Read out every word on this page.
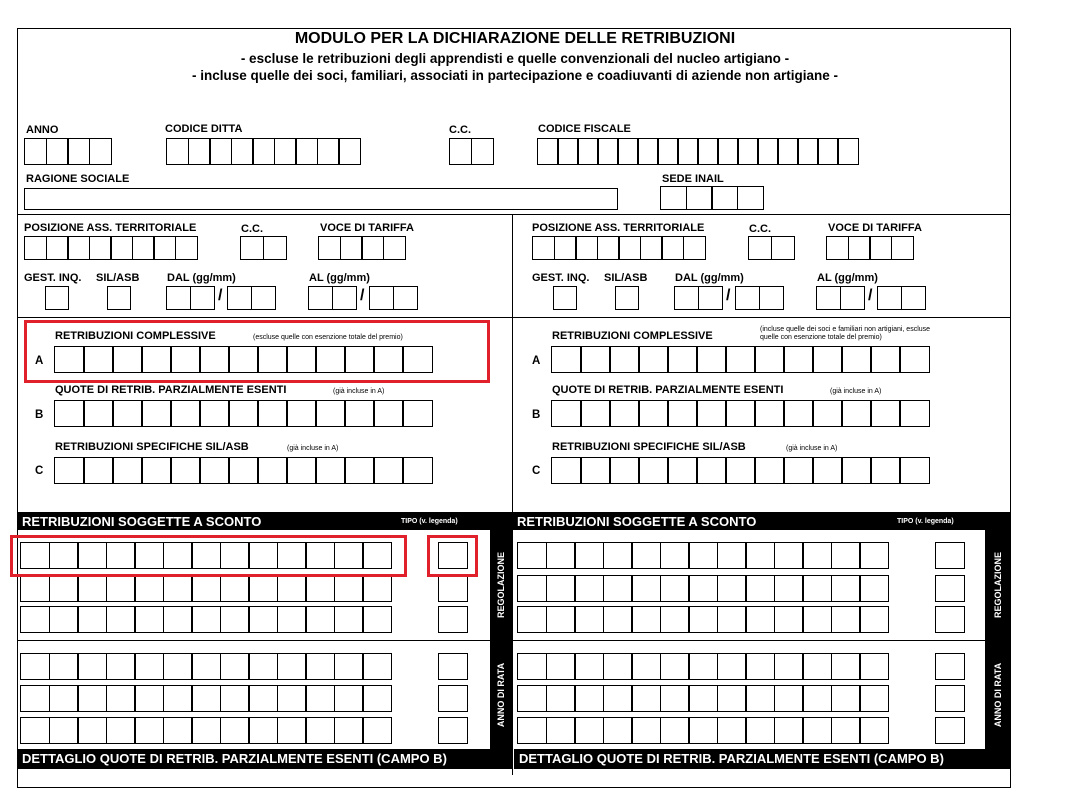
MODULO PER LA DICHIARAZIONE DELLE RETRIBUZIONI
- escluse le retribuzioni degli apprendisti e quelle convenzionali del nucleo artigiano -
- incluse quelle dei soci, familiari, associati in partecipazione e coadiuvanti di aziende non artigiane -
ANNO	CODICE DITTA	C.C.	CODICE FISCALE
RAGIONE SOCIALE	SEDE INAIL
POSIZIONE ASS. TERRITORIALE	C.C.	VOCE DI TARIFFA
GEST. INQ. SIL/ASB	DAL (gg/mm)
/
AL (gg/mm)
/
POSIZIONE ASS. TERRITORIALE	C.C.	VOCE DI TARIFFA
GEST. INQ. SIL/ASB	DAL (gg/mm)
/
AL (gg/mm)
/
RETRIBUZIONI COMPLESSIVE	(escluse quelle con esenzione totale del premio)
A
QUOTE DI RETRIB. PARZIALMENTE ESENTI	(già incluse in A)
B
RETRIBUZIONI SPECIFICHE SIL/ASB	(già incluse in A)
C
RETRIBUZIONI COMPLESSIVE
(incluse quelle dei soci e familiari non artigiani, escluse
quelle con esenzione totale del premio)
A
QUOTE DI RETRIB. PARZIALMENTE ESENTI	(già incluse in A)
B
RETRIBUZIONI SPECIFICHE SIL/ASB	(già incluse in A)
C
RETRIBUZIONI SOGGETTE A SCONTO	TIPO (v. legenda)	RETRIBUZIONI SOGGETTE A SCONTO	TIPO (v. legenda)
REGOLAZIONE
ANNO DI RATA
REGOLAZIONE
ANNO DI RATA
DETTAGLIO QUOTE DI RETRIB. PARZIALMENTE ESENTI (CAMPO B)	DETTAGLIO QUOTE DI RETRIB. PARZIALMENTE ESENTI (CAMPO B)
